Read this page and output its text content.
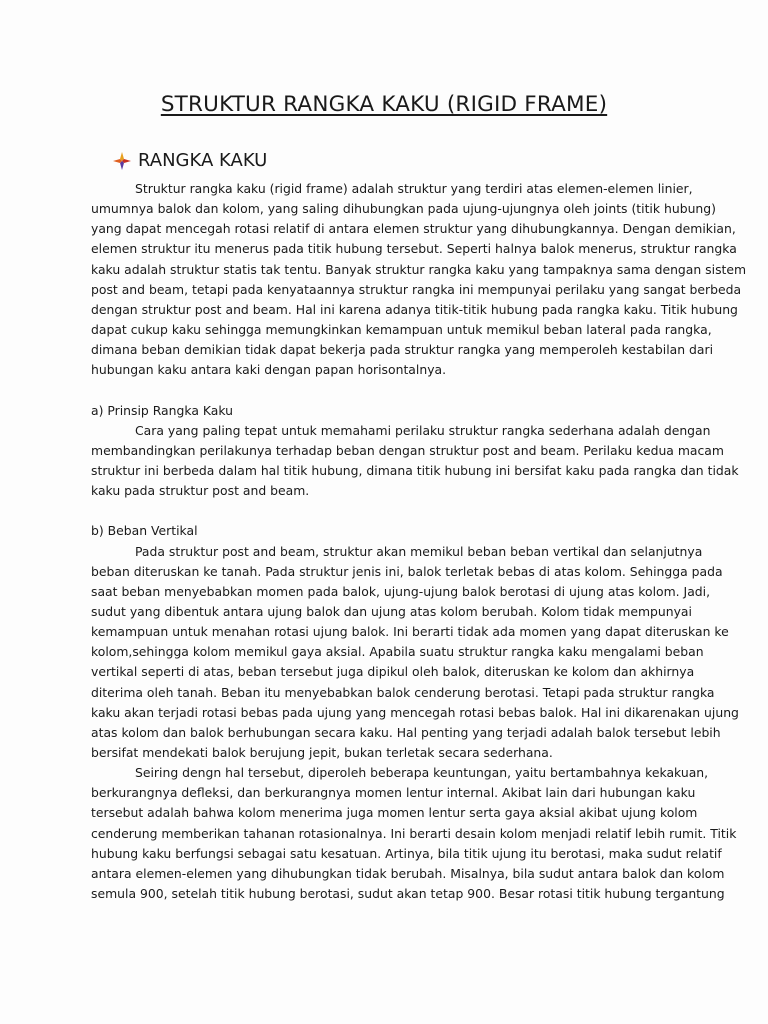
STRUKTUR RANGKA KAKU (RIGID FRAME)
RANGKA KAKU
Struktur rangka kaku (rigid frame) adalah struktur yang terdiri atas elemen-elemen linier,
umumnya balok dan kolom, yang saling dihubungkan pada ujung-ujungnya oleh joints (titik hubung)
yang dapat mencegah rotasi relatif di antara elemen struktur yang dihubungkannya. Dengan demikian,
elemen struktur itu menerus pada titik hubung tersebut. Seperti halnya balok menerus, struktur rangka
kaku adalah struktur statis tak tentu. Banyak struktur rangka kaku yang tampaknya sama dengan sistem
post and beam, tetapi pada kenyataannya struktur rangka ini mempunyai perilaku yang sangat berbeda
dengan struktur post and beam. Hal ini karena adanya titik-titik hubung pada rangka kaku. Titik hubung
dapat cukup kaku sehingga memungkinkan kemampuan untuk memikul beban lateral pada rangka,
dimana beban demikian tidak dapat bekerja pada struktur rangka yang memperoleh kestabilan dari
hubungan kaku antara kaki dengan papan horisontalnya.
a) Prinsip Rangka Kaku
Cara yang paling tepat untuk memahami perilaku struktur rangka sederhana adalah dengan
membandingkan perilakunya terhadap beban dengan struktur post and beam. Perilaku kedua macam
struktur ini berbeda dalam hal titik hubung, dimana titik hubung ini bersifat kaku pada rangka dan tidak
kaku pada struktur post and beam.
b) Beban Vertikal
Pada struktur post and beam, struktur akan memikul beban beban vertikal dan selanjutnya
beban diteruskan ke tanah. Pada struktur jenis ini, balok terletak bebas di atas kolom. Sehingga pada
saat beban menyebabkan momen pada balok, ujung-ujung balok berotasi di ujung atas kolom. Jadi,
sudut yang dibentuk antara ujung balok dan ujung atas kolom berubah. Kolom tidak mempunyai
kemampuan untuk menahan rotasi ujung balok. Ini berarti tidak ada momen yang dapat diteruskan ke
kolom,sehingga kolom memikul gaya aksial. Apabila suatu struktur rangka kaku mengalami beban
vertikal seperti di atas, beban tersebut juga dipikul oleh balok, diteruskan ke kolom dan akhirnya
diterima oleh tanah. Beban itu menyebabkan balok cenderung berotasi. Tetapi pada struktur rangka
kaku akan terjadi rotasi bebas pada ujung yang mencegah rotasi bebas balok. Hal ini dikarenakan ujung
atas kolom dan balok berhubungan secara kaku. Hal penting yang terjadi adalah balok tersebut lebih
bersifat mendekati balok berujung jepit, bukan terletak secara sederhana.
Seiring dengn hal tersebut, diperoleh beberapa keuntungan, yaitu bertambahnya kekakuan,
berkurangnya defleksi, dan berkurangnya momen lentur internal. Akibat lain dari hubungan kaku
tersebut adalah bahwa kolom menerima juga momen lentur serta gaya aksial akibat ujung kolom
cenderung memberikan tahanan rotasionalnya. Ini berarti desain kolom menjadi relatif lebih rumit. Titik
hubung kaku berfungsi sebagai satu kesatuan. Artinya, bila titik ujung itu berotasi, maka sudut relatif
antara elemen-elemen yang dihubungkan tidak berubah. Misalnya, bila sudut antara balok dan kolom
semula 900, setelah titik hubung berotasi, sudut akan tetap 900. Besar rotasi titik hubung tergantung
